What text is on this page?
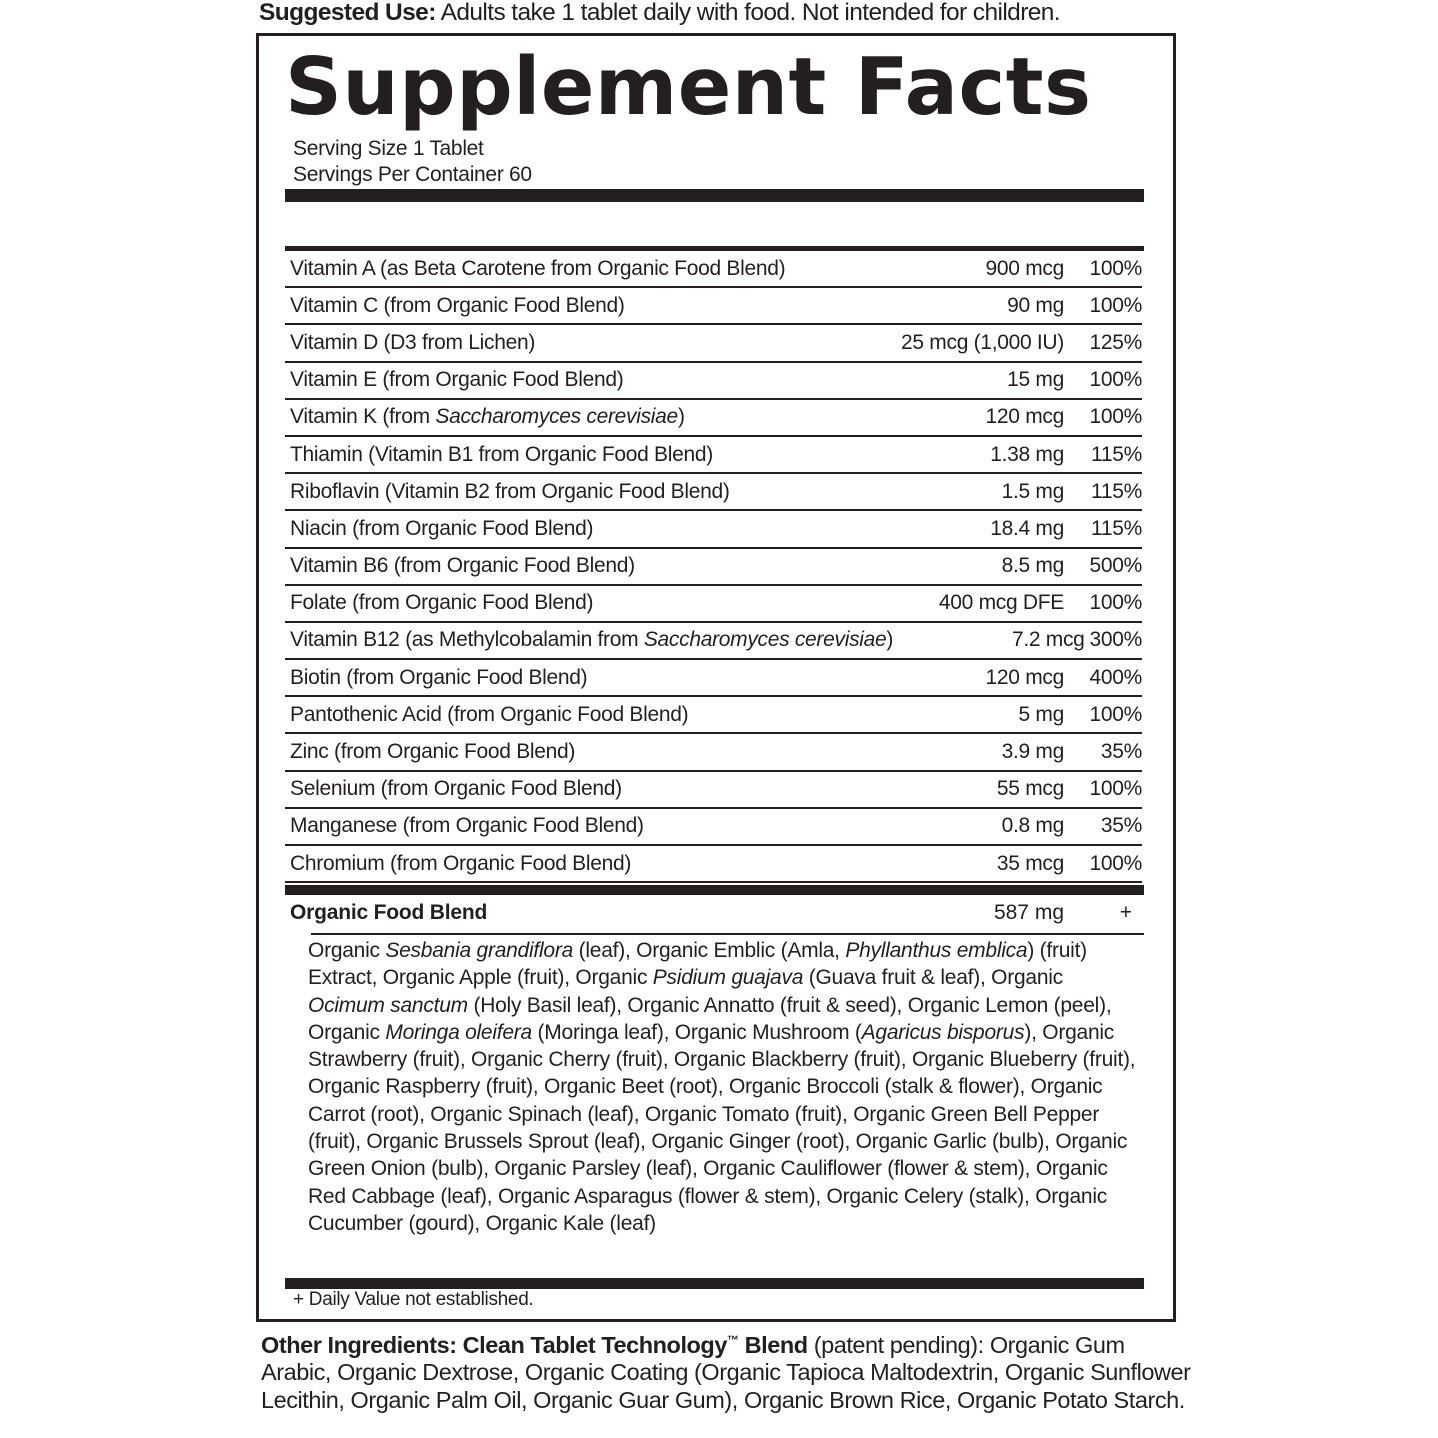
Suggested Use: Adults take 1 tablet daily with food. Not intended for children.
Supplement Facts
Serving Size 1 Tablet
Servings Per Container 60
Vitamin A (as Beta Carotene from Organic Food Blend)	900 mcg	100%
Vitamin C (from Organic Food Blend)	90 mg	100%
Vitamin D (D3 from Lichen)	25 mcg (1,000 IU)	125%
Vitamin E (from Organic Food Blend)	15 mg	100%
Vitamin K (from Saccharomyces cerevisiae)	120 mcg	100%
Thiamin (Vitamin B1 from Organic Food Blend)	1.38 mg	115%
Riboflavin (Vitamin B2 from Organic Food Blend)	1.5 mg	115%
Niacin (from Organic Food Blend)	18.4 mg	115%
Vitamin B6 (from Organic Food Blend)	8.5 mg	500%
Folate (from Organic Food Blend)	400 mcg DFE	100%
Vitamin B12 (as Methylcobalamin from Saccharomyces cerevisiae)	7.2 mcg 300%
Biotin (from Organic Food Blend)	120 mcg	400%
Pantothenic Acid (from Organic Food Blend)	5 mg	100%
Zinc (from Organic Food Blend)	3.9 mg	35%
Selenium (from Organic Food Blend)	55 mcg	100%
Manganese (from Organic Food Blend)	0.8 mg	35%
Chromium (from Organic Food Blend)	35 mcg	100%
Organic Food Blend	587 mg	+
Organic Sesbania grandiflora (leaf), Organic Emblic (Amla, Phyllanthus emblica) (fruit) Extract, Organic Apple (fruit), Organic Psidium guajava (Guava fruit & leaf), Organic Ocimum sanctum (Holy Basil leaf), Organic Annatto (fruit & seed), Organic Lemon (peel), Organic Moringa oleifera (Moringa leaf), Organic Mushroom (Agaricus bisporus), Organic Strawberry (fruit), Organic Cherry (fruit), Organic Blackberry (fruit), Organic Blueberry (fruit), Organic Raspberry (fruit), Organic Beet (root), Organic Broccoli (stalk & flower), Organic Carrot (root), Organic Spinach (leaf), Organic Tomato (fruit), Organic Green Bell Pepper (fruit), Organic Brussels Sprout (leaf), Organic Ginger (root), Organic Garlic (bulb), Organic Green Onion (bulb), Organic Parsley (leaf), Organic Cauliflower (flower & stem), Organic Red Cabbage (leaf), Organic Asparagus (flower & stem), Organic Celery (stalk), Organic Cucumber (gourd), Organic Kale (leaf)
+ Daily Value not established.
Other Ingredients: Clean Tablet Technology™ Blend (patent pending): Organic Gum Arabic, Organic Dextrose, Organic Coating (Organic Tapioca Maltodextrin, Organic Sunflower Lecithin, Organic Palm Oil, Organic Guar Gum), Organic Brown Rice, Organic Potato Starch.
